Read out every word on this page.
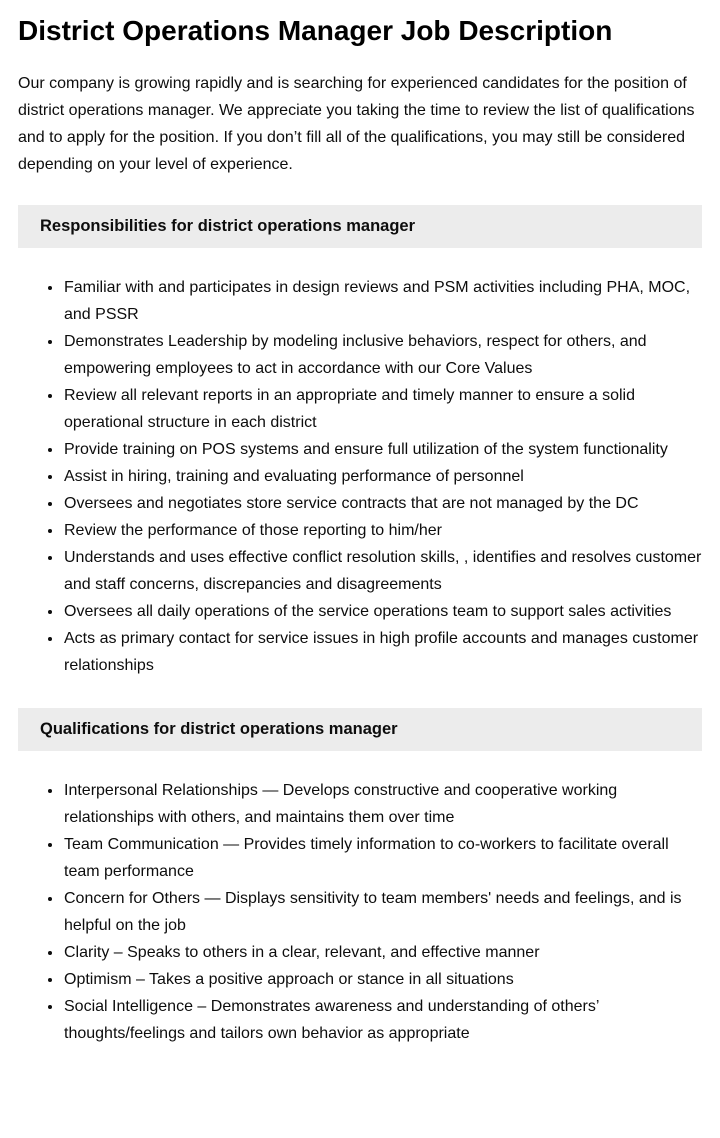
District Operations Manager Job Description

Our company is growing rapidly and is searching for experienced candidates for the position of district operations manager. We appreciate you taking the time to review the list of qualifications and to apply for the position. If you don’t fill all of the qualifications, you may still be considered depending on your level of experience.

Responsibilities for district operations manager
• Familiar with and participates in design reviews and PSM activities including PHA, MOC, and PSSR
• Demonstrates Leadership by modeling inclusive behaviors, respect for others, and empowering employees to act in accordance with our Core Values
• Review all relevant reports in an appropriate and timely manner to ensure a solid operational structure in each district
• Provide training on POS systems and ensure full utilization of the system functionality
• Assist in hiring, training and evaluating performance of personnel
• Oversees and negotiates store service contracts that are not managed by the DC
• Review the performance of those reporting to him/her
• Understands and uses effective conflict resolution skills, , identifies and resolves customer and staff concerns, discrepancies and disagreements
• Oversees all daily operations of the service operations team to support sales activities
• Acts as primary contact for service issues in high profile accounts and manages customer relationships
Qualifications for district operations manager
• Interpersonal Relationships — Develops constructive and cooperative working relationships with others, and maintains them over time
• Team Communication — Provides timely information to co-workers to facilitate overall team performance
• Concern for Others — Displays sensitivity to team members' needs and feelings, and is helpful on the job
• Clarity – Speaks to others in a clear, relevant, and effective manner
• Optimism – Takes a positive approach or stance in all situations
• Social Intelligence – Demonstrates awareness and understanding of others’ thoughts/feelings and tailors own behavior as appropriate
